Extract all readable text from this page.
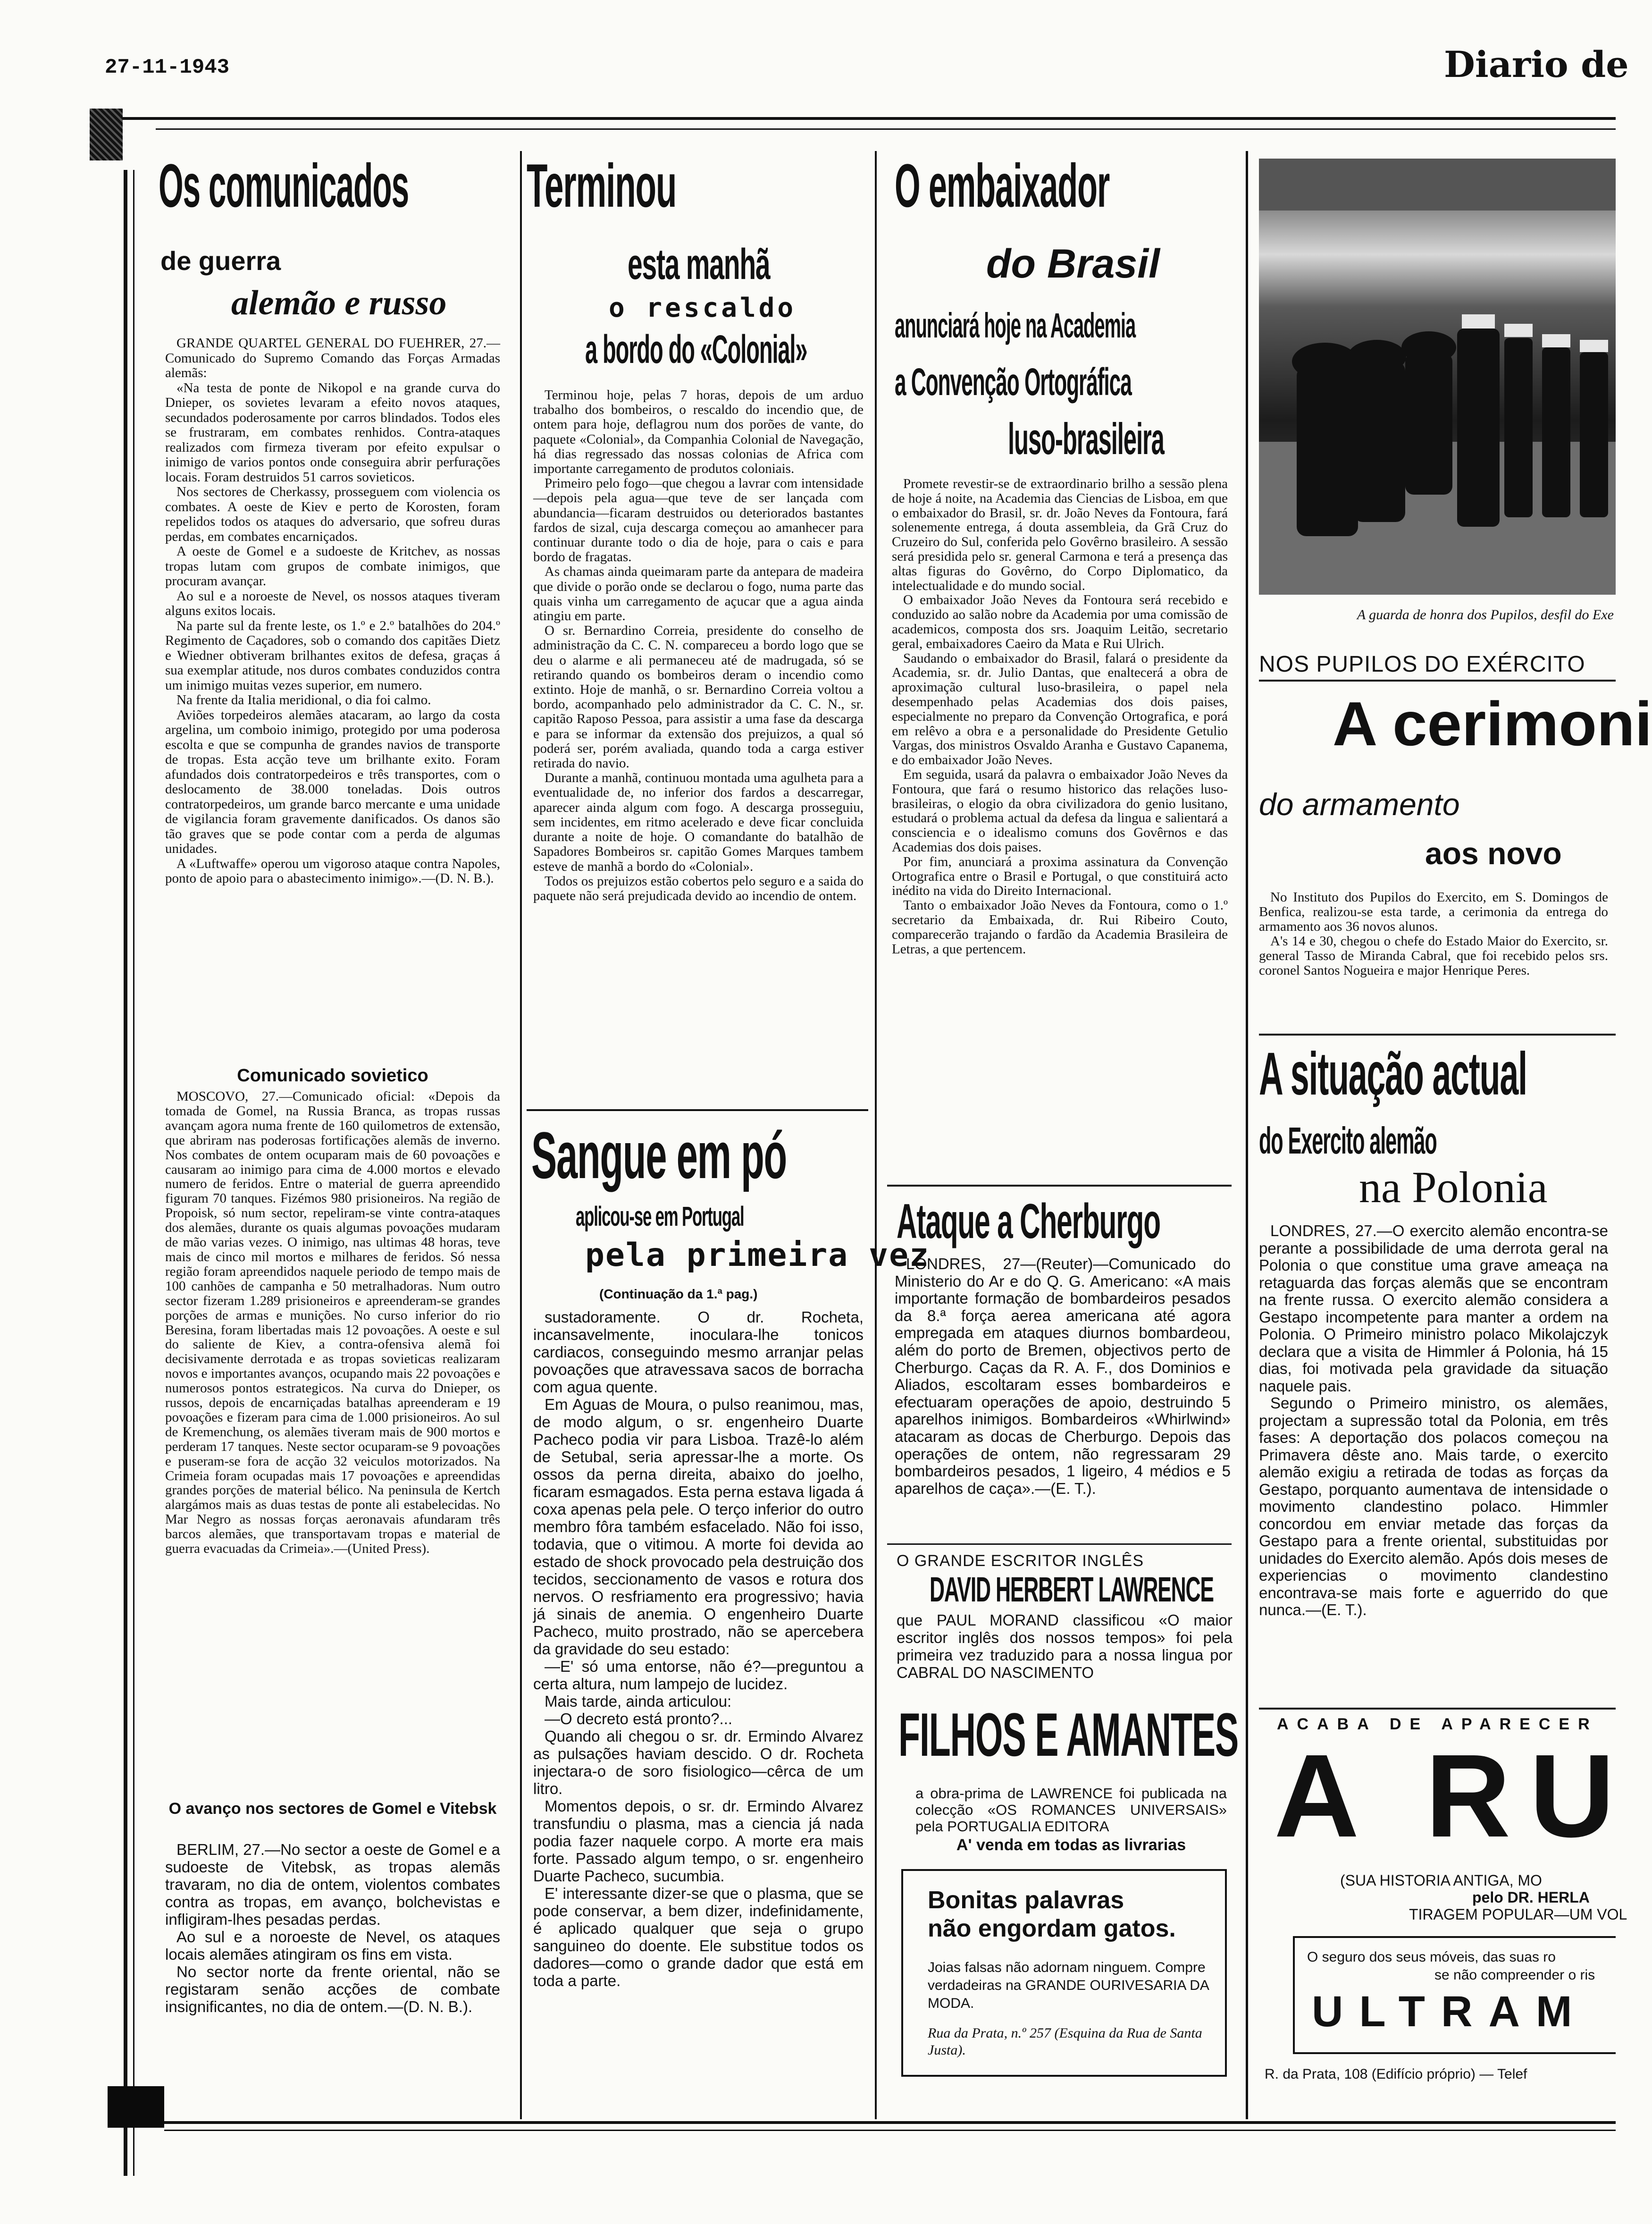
27-11-1943	Diario de
Os comunicados
de guerra
alemão e russo

GRANDE QUARTEL GENERAL DO FUEHRER, 27.—Comunicado do Supremo Comando das Forças Armadas alemãs:

«Na testa de ponte de Nikopol e na grande curva do Dnieper, os sovietes levaram a efeito novos ataques, secundados poderosamente por carros blindados. Todos eles se frustraram, em combates renhidos. Contra-ataques realizados com firmeza tiveram por efeito expulsar o inimigo de varios pontos onde conseguira abrir perfurações locais. Foram destruidos 51 carros sovieticos.

Nos sectores de Cherkassy, prosseguem com violencia os combates. A oeste de Kiev e perto de Korosten, foram repelidos todos os ataques do adversario, que sofreu duras perdas, em combates encarniçados.

A oeste de Gomel e a sudoeste de Kritchev, as nossas tropas lutam com grupos de combate inimigos, que procuram avançar.

Ao sul e a noroeste de Nevel, os nossos ataques tiveram alguns exitos locais.

Na parte sul da frente leste, os 1.º e 2.º batalhões do 204.º Regimento de Caçadores, sob o comando dos capitães Dietz e Wiedner obtiveram brilhantes exitos de defesa, graças á sua exemplar atitude, nos duros combates conduzidos contra um inimigo muitas vezes superior, em numero.

Na frente da Italia meridional, o dia foi calmo.

Aviões torpedeiros alemães atacaram, ao largo da costa argelina, um comboio inimigo, protegido por uma poderosa escolta e que se compunha de grandes navios de transporte de tropas. Esta acção teve um brilhante exito. Foram afundados dois contratorpedeiros e três transportes, com o deslocamento de 38.000 toneladas. Dois outros contratorpedeiros, um grande barco mercante e uma unidade de vigilancia foram gravemente danificados. Os danos são tão graves que se pode contar com a perda de algumas unidades.

A «Luftwaffe» operou um vigoroso ataque contra Napoles, ponto de apoio para o abastecimento inimigo».—(D. N. B.).

Comunicado sovietico

MOSCOVO, 27.—Comunicado oficial: «Depois da tomada de Gomel, na Russia Branca, as tropas russas avançam agora numa frente de 160 quilometros de extensão, que abriram nas poderosas fortificações alemãs de inverno. Nos combates de ontem ocuparam mais de 60 povoações e causaram ao inimigo para cima de 4.000 mortos e elevado numero de feridos. Entre o material de guerra apreendido figuram 70 tanques. Fizémos 980 prisioneiros. Na região de Propoisk, só num sector, repeliram-se vinte contra-ataques dos alemães, durante os quais algumas povoações mudaram de mão varias vezes. O inimigo, nas ultimas 48 horas, teve mais de cinco mil mortos e milhares de feridos. Só nessa região foram apreendidos naquele periodo de tempo mais de 100 canhões de campanha e 50 metralhadoras. Num outro sector fizeram 1.289 prisioneiros e apreenderam-se grandes porções de armas e munições. No curso inferior do rio Beresina, foram libertadas mais 12 povoações. A oeste e sul do saliente de Kiev, a contra-ofensiva alemã foi decisivamente derrotada e as tropas sovieticas realizaram novos e importantes avanços, ocupando mais 22 povoações e numerosos pontos estrategicos. Na curva do Dnieper, os russos, depois de encarniçadas batalhas apreenderam e 19 povoações e fizeram para cima de 1.000 prisioneiros. Ao sul de Kremenchung, os alemães tiveram mais de 900 mortos e perderam 17 tanques. Neste sector ocuparam-se 9 povoações e puseram-se fora de acção 32 veiculos motorizados. Na Crimeia foram ocupadas mais 17 povoações e apreendidas grandes porções de material bélico. Na peninsula de Kertch alargámos mais as duas testas de ponte ali estabelecidas. No Mar Negro as nossas forças aeronavais afundaram três barcos alemães, que transportavam tropas e material de guerra evacuadas da Crimeia».—(United Press).

O avanço nos sectores de Gomel e Vitebsk

BERLIM, 27.—No sector a oeste de Gomel e a sudoeste de Vitebsk, as tropas alemãs travaram, no dia de ontem, violentos combates contra as tropas, em avanço, bolchevistas e infligiram-lhes pesadas perdas.

Ao sul e a noroeste de Nevel, os ataques locais alemães atingiram os fins em vista.

No sector norte da frente oriental, não se registaram senão acções de combate insignificantes, no dia de ontem.—(D. N. B.).

Terminou
esta manhã
o rescaldo
a bordo do «Colonial»

Terminou hoje, pelas 7 horas, depois de um arduo trabalho dos bombeiros, o rescaldo do incendio que, de ontem para hoje, deflagrou num dos porões de vante, do paquete «Colonial», da Companhia Colonial de Navegação, há dias regressado das nossas colonias de Africa com importante carregamento de produtos coloniais.

Primeiro pelo fogo—que chegou a lavrar com intensidade—depois pela agua—que teve de ser lançada com abundancia—ficaram destruidos ou deteriorados bastantes fardos de sizal, cuja descarga começou ao amanhecer para continuar durante todo o dia de hoje, para o cais e para bordo de fragatas.

As chamas ainda queimaram parte da antepara de madeira que divide o porão onde se declarou o fogo, numa parte das quais vinha um carregamento de açucar que a agua ainda atingiu em parte.

O sr. Bernardino Correia, presidente do conselho de administração da C. C. N. compareceu a bordo logo que se deu o alarme e ali permaneceu até de madrugada, só se retirando quando os bombeiros deram o incendio como extinto. Hoje de manhã, o sr. Bernardino Correia voltou a bordo, acompanhado pelo administrador da C. C. N., sr. capitão Raposo Pessoa, para assistir a uma fase da descarga e para se informar da extensão dos prejuizos, a qual só poderá ser, porém avaliada, quando toda a carga estiver retirada do navio.

Durante a manhã, continuou montada uma agulheta para a eventualidade de, no inferior dos fardos a descarregar, aparecer ainda algum com fogo. A descarga prosseguiu, sem incidentes, em ritmo acelerado e deve ficar concluida durante a noite de hoje. O comandante do batalhão de Sapadores Bombeiros sr. capitão Gomes Marques tambem esteve de manhã a bordo do «Colonial».

Todos os prejuizos estão cobertos pelo seguro e a saida do paquete não será prejudicada devido ao incendio de ontem.

Sangue em pó
aplicou-se em Portugal
pela primeira vez
(Continuação da 1.ª pag.)

sustadoramente. O dr. Rocheta, incansavelmente, inoculara-lhe tonicos cardiacos, conseguindo mesmo arranjar pelas povoações que atravessava sacos de borracha com agua quente.

Em Aguas de Moura, o pulso reanimou, mas, de modo algum, o sr. engenheiro Duarte Pacheco podia vir para Lisboa. Trazê-lo além de Setubal, seria apressar-lhe a morte. Os ossos da perna direita, abaixo do joelho, ficaram esmagados. Esta perna estava ligada á coxa apenas pela pele. O terço inferior do outro membro fôra também esfacelado. Não foi isso, todavia, que o vitimou. A morte foi devida ao estado de shock provocado pela destruição dos tecidos, seccionamento de vasos e rotura dos nervos. O resfriamento era progressivo; havia já sinais de anemia. O engenheiro Duarte Pacheco, muito prostrado, não se apercebera da gravidade do seu estado:

—E' só uma entorse, não é?—preguntou a certa altura, num lampejo de lucidez.

Mais tarde, ainda articulou:

—O decreto está pronto?...

Quando ali chegou o sr. dr. Ermindo Alvarez as pulsações haviam descido. O dr. Rocheta injectara-o de soro fisiologico—cêrca de um litro.

Momentos depois, o sr. dr. Ermindo Alvarez transfundiu o plasma, mas a ciencia já nada podia fazer naquele corpo. A morte era mais forte. Passado algum tempo, o sr. engenheiro Duarte Pacheco, sucumbia.

E' interessante dizer-se que o plasma, que se pode conservar, a bem dizer, indefinidamente, é aplicado qualquer que seja o grupo sanguineo do doente. Ele substitue todos os dadores—como o grande dador que está em toda a parte.

O embaixador
do Brasil
anunciará hoje na Academia
a Convenção Ortográfica
luso-brasileira

Promete revestir-se de extraordinario brilho a sessão plena de hoje á noite, na Academia das Ciencias de Lisboa, em que o embaixador do Brasil, sr. dr. João Neves da Fontoura, fará solenemente entrega, á douta assembleia, da Grã Cruz do Cruzeiro do Sul, conferida pelo Govêrno brasileiro. A sessão será presidida pelo sr. general Carmona e terá a presença das altas figuras do Govêrno, do Corpo Diplomatico, da intelectualidade e do mundo social.

O embaixador João Neves da Fontoura será recebido e conduzido ao salão nobre da Academia por uma comissão de academicos, composta dos srs. Joaquim Leitão, secretario geral, embaixadores Caeiro da Mata e Rui Ulrich.

Saudando o embaixador do Brasil, falará o presidente da Academia, sr. dr. Julio Dantas, que enaltecerá a obra de aproximação cultural luso-brasileira, o papel nela desempenhado pelas Academias dos dois paises, especialmente no preparo da Convenção Ortografica, e porá em relêvo a obra e a personalidade do Presidente Getulio Vargas, dos ministros Osvaldo Aranha e Gustavo Capanema, e do embaixador João Neves.

Em seguida, usará da palavra o embaixador João Neves da Fontoura, que fará o resumo historico das relações luso-brasileiras, o elogio da obra civilizadora do genio lusitano, estudará o problema actual da defesa da lingua e salientará a consciencia e o idealismo comuns dos Govêrnos e das Academias dos dois paises.

Por fim, anunciará a proxima assinatura da Convenção Ortografica entre o Brasil e Portugal, o que constituirá acto inédito na vida do Direito Internacional.

Tanto o embaixador João Neves da Fontoura, como o 1.º secretario da Embaixada, dr. Rui Ribeiro Couto, comparecerão trajando o fardão da Academia Brasileira de Letras, a que pertencem.

Ataque a Cherburgo
LONDRES, 27—(Reuter)—Comunicado do Ministerio do Ar e do Q. G. Americano: «A mais importante formação de bombardeiros pesados da 8.ª força aerea americana até agora empregada em ataques diurnos bombardeou, além do porto de Bremen, objectivos perto de Cherburgo. Caças da R. A. F., dos Dominios e Aliados, escoltaram esses bombardeiros e efectuaram operações de apoio, destruindo 5 aparelhos inimigos. Bombardeiros «Whirlwind» atacaram as docas de Cherburgo. Depois das operações de ontem, não regressaram 29 bombardeiros pesados, 1 ligeiro, 4 médios e 5 aparelhos de caça».—(E. T.).
O GRANDE ESCRITOR INGLÊS
DAVID HERBERT LAWRENCE
que PAUL MORAND classificou «O maior escritor inglês dos nossos tempos» foi pela primeira vez traduzido para a nossa lingua por CABRAL DO NASCIMENTO
FILHOS E AMANTES
a obra-prima de LAWRENCE foi publicada na colecção «OS ROMANCES UNIVERSAIS» pela PORTUGALIA EDITORA
A' venda em todas as livrarias
Bonitas palavras
não engordam gatos.
Joias falsas não adornam ninguem. Compre verdadeiras na GRANDE OURIVESARIA DA MODA.
Rua da Prata, n.º 257 (Esquina da Rua de Santa Justa).
A guarda de honra dos Pupilos, desfil do Exe
NOS PUPILOS DO EXÉRCITO
A cerimoni
do armamento
aos novo

No Instituto dos Pupilos do Exercito, em S. Domingos de Benfica, realizou-se esta tarde, a cerimonia da entrega do armamento aos 36 novos alunos.

A's 14 e 30, chegou o chefe do Estado Maior do Exercito, sr. general Tasso de Miranda Cabral, que foi recebido pelos srs. coronel Santos Nogueira e major Henrique Peres.

A situação actual
do Exercito alemão
na Polonia

LONDRES, 27.—O exercito alemão encontra-se perante a possibilidade de uma derrota geral na Polonia o que constitue uma grave ameaça na retaguarda das forças alemãs que se encontram na frente russa. O exercito alemão considera a Gestapo incompetente para manter a ordem na Polonia. O Primeiro ministro polaco Mikolajczyk declara que a visita de Himmler á Polonia, há 15 dias, foi motivada pela gravidade da situação naquele pais.

Segundo o Primeiro ministro, os alemães, projectam a supressão total da Polonia, em três fases: A deportação dos polacos começou na Primavera dêste ano. Mais tarde, o exercito alemão exigiu a retirada de todas as forças da Gestapo, porquanto aumentava de intensidade o movimento clandestino polaco. Himmler concordou em enviar metade das forças da Gestapo para a frente oriental, substituidas por unidades do Exercito alemão. Após dois meses de experiencias o movimento clandestino encontrava-se mais forte e aguerrido do que nunca.—(E. T.).

ACABA DE APARECER
A RU
(SUA HISTORIA ANTIGA, MO
pelo DR. HERLA
TIRAGEM POPULAR—UM VOL
O seguro dos seus móveis, das suas ro
se não compreender o ris
ULTRAM
R. da Prata, 108 (Edifício próprio) — Telef
